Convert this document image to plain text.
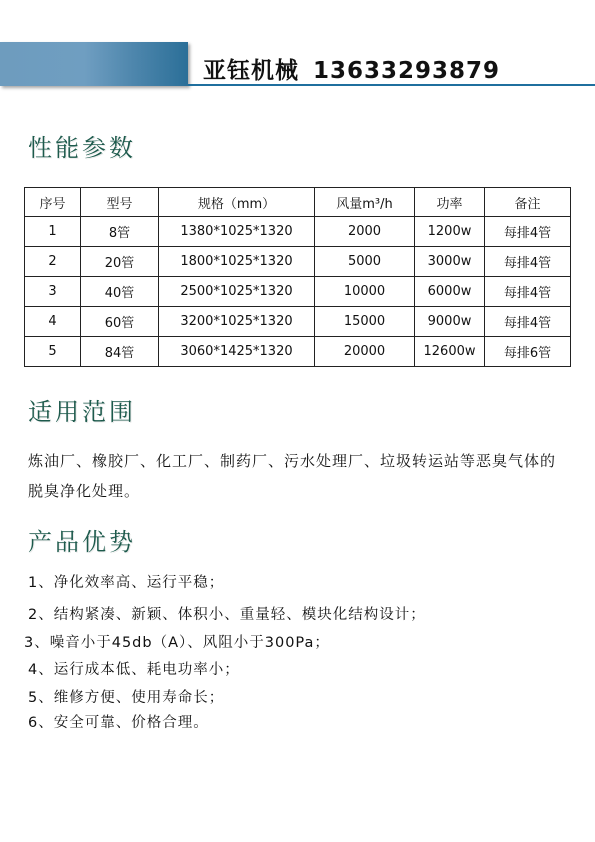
亚钰机械 13633293879
性能参数
序号	型号	规格（mm）	风量m³/h	功率	备注
1	8管	1380*1025*1320	2000	1200w	每排4管
2	20管	1800*1025*1320	5000	3000w	每排4管
3	40管	2500*1025*1320	10000	6000w	每排4管
4	60管	3200*1025*1320	15000	9000w	每排4管
5	84管	3060*1425*1320	20000	12600w	每排6管
适用范围
炼油厂、橡胶厂、化工厂、制药厂、污水处理厂、垃圾转运站等恶臭气体的脱臭净化处理。
产品优势
1、净化效率高、运行平稳；
2、结构紧凑、新颖、体积小、重量轻、模块化结构设计；
3、噪音小于45db（A）、风阻小于300Pa；
4、运行成本低、耗电功率小；
5、维修方便、使用寿命长；
6、安全可靠、价格合理。
